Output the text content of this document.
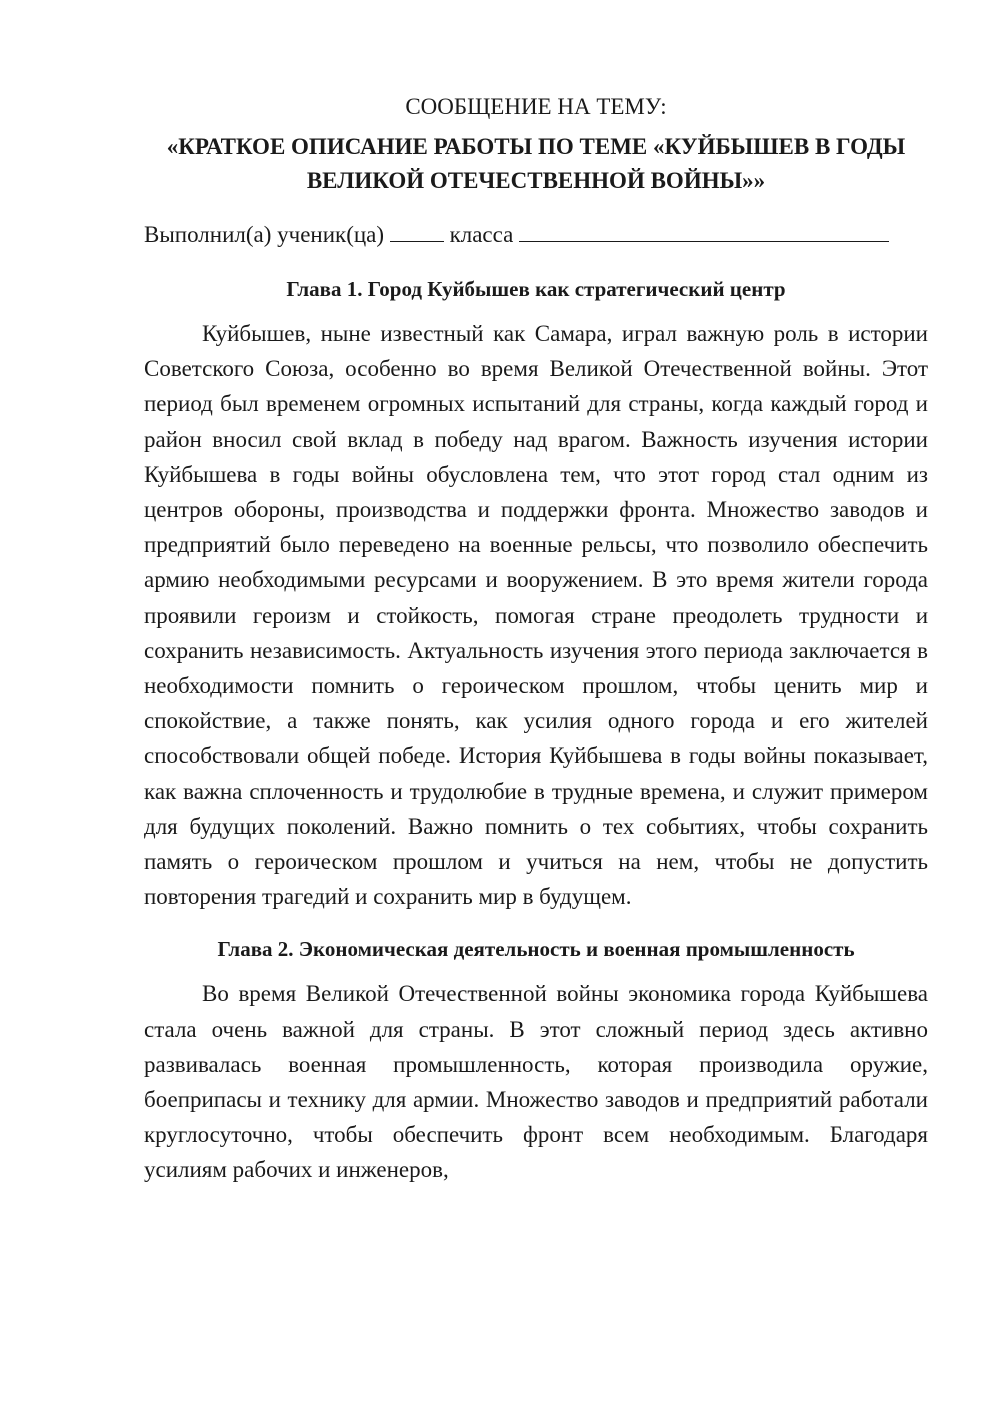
СООБЩЕНИЕ НА ТЕМУ:

«КРАТКОЕ ОПИСАНИЕ РАБОТЫ ПО ТЕМЕ «КУЙБЫШЕВ В ГОДЫ ВЕЛИКОЙ ОТЕЧЕСТВЕННОЙ ВОЙНЫ»»

Выполнил(а) ученик(ца)	класса

Глава 1. Город Куйбышев как стратегический центр

Куйбышев, ныне известный как Самара, играл важную роль в истории Советского Союза, особенно во время Великой Отечественной войны. Этот период был временем огромных испытаний для страны, когда каждый город и район вносил свой вклад в победу над врагом. Важность изучения истории Куйбышева в годы войны обусловлена тем, что этот город стал одним из центров обороны, производства и поддержки фронта. Множество заводов и предприятий было переведено на военные рельсы, что позволило обеспечить армию необходимыми ресурсами и вооружением. В это время жители города проявили героизм и стойкость, помогая стране преодолеть трудности и сохранить независимость. Актуальность изучения этого периода заключается в необходимости помнить о героическом прошлом, чтобы ценить мир и спокойствие, а также понять, как усилия одного города и его жителей способствовали общей победе. История Куйбышева в годы войны показывает, как важна сплоченность и трудолюбие в трудные времена, и служит примером для будущих поколений. Важно помнить о тех событиях, чтобы сохранить память о героическом прошлом и учиться на нем, чтобы не допустить повторения трагедий и сохранить мир в будущем.

Глава 2. Экономическая деятельность и военная промышленность

Во время Великой Отечественной войны экономика города Куйбышева стала очень важной для страны. В этот сложный период здесь активно развивалась военная промышленность, которая производила оружие, боеприпасы и технику для армии. Множество заводов и предприятий работали круглосуточно, чтобы обеспечить фронт всем необходимым. Благодаря усилиям рабочих и инженеров,
